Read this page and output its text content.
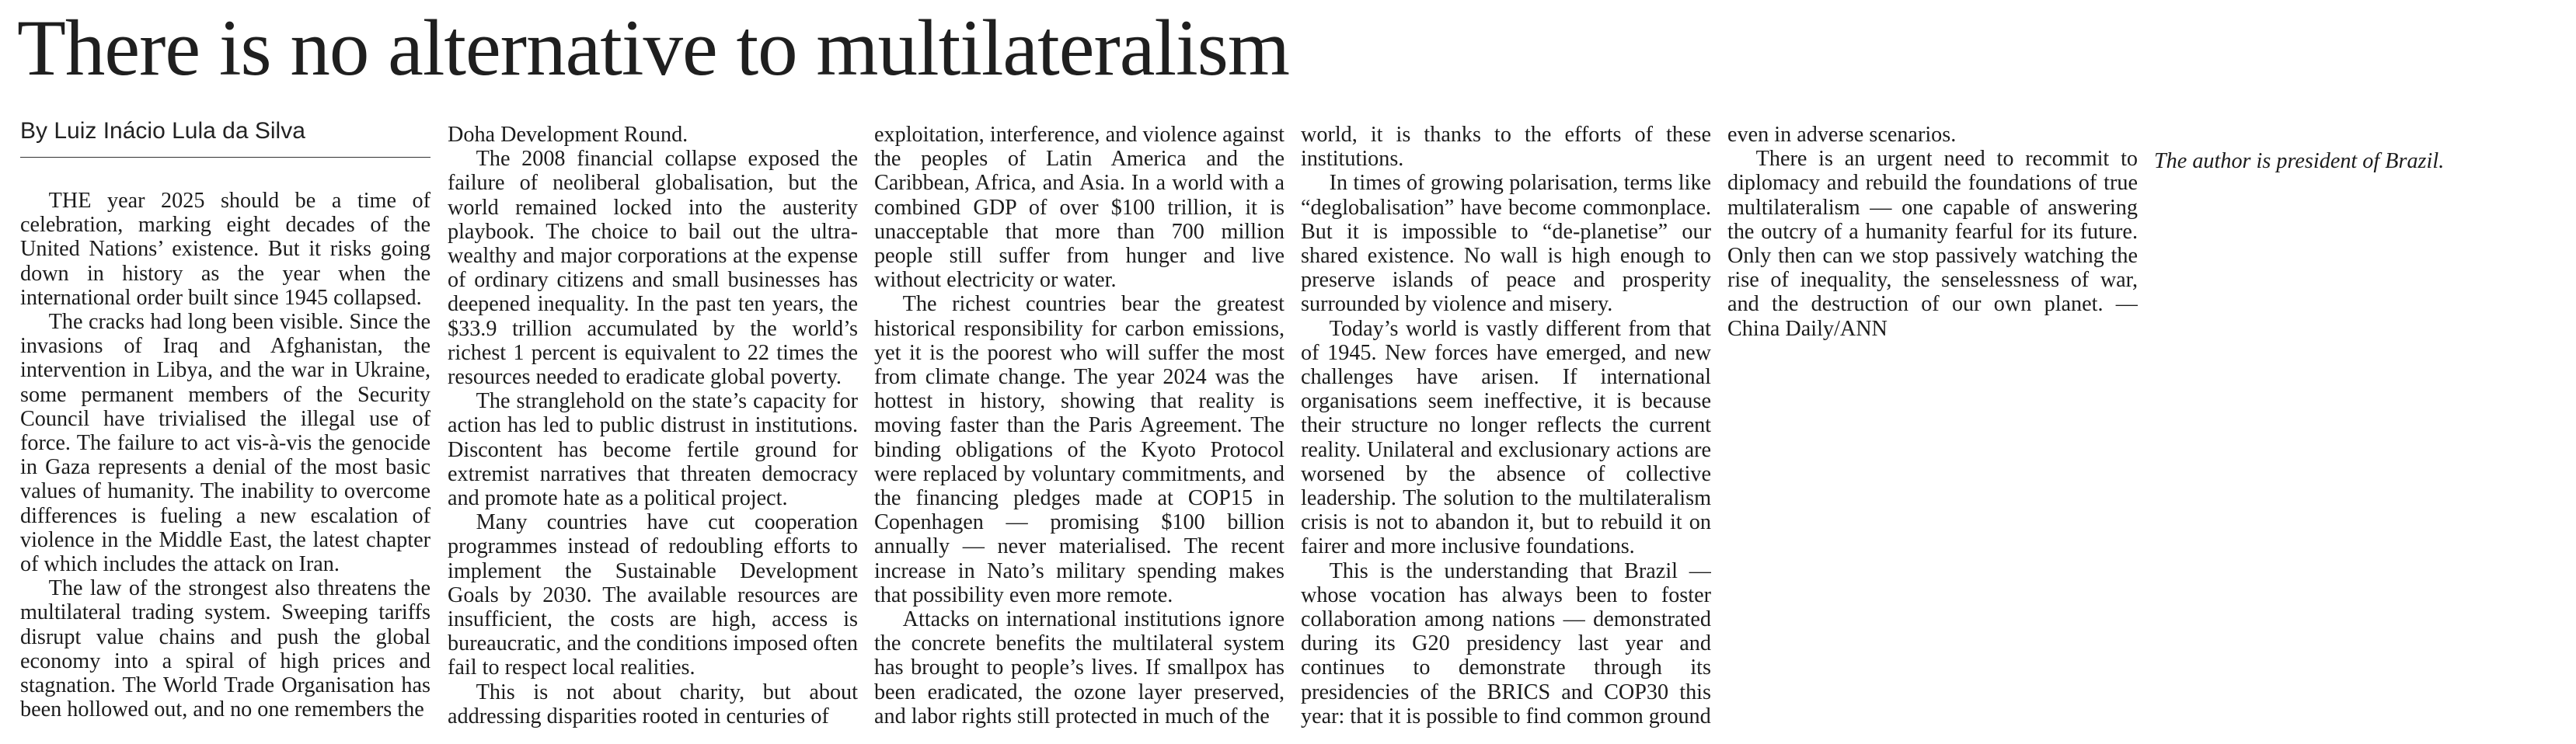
There is no alternative to multilateralism
By Luiz Inácio Lula da Silva

THE year 2025 should be a time of celebration, marking eight decades of the United Nations’ existence. But it risks going down in history as the year when the international order built since 1945 collapsed.

The cracks had long been visible. Since the invasions of Iraq and Afghanistan, the intervention in Libya, and the war in Ukraine, some permanent members of the Security Council have trivialised the illegal use of force. The failure to act vis-à-vis the genocide in Gaza represents a denial of the most basic values of humanity. The inability to overcome differences is fueling a new escalation of violence in the Middle East, the latest chapter of which includes the attack on Iran.

The law of the strongest also threatens the multilateral trading system. Sweeping tariffs disrupt value chains and push the global economy into a spiral of high prices and stagnation. The World Trade Organisation has been hollowed out, and no one remembers the

Doha Development Round.

The 2008 financial collapse exposed the failure of neoliberal globalisation, but the world remained locked into the austerity playbook. The choice to bail out the ultra-wealthy and major corporations at the expense of ordinary citizens and small businesses has deepened inequality. In the past ten years, the $33.9 trillion accumulated by the world’s richest 1 percent is equivalent to 22 times the resources needed to eradicate global poverty.

The stranglehold on the state’s capacity for action has led to public distrust in institutions. Discontent has become fertile ground for extremist narratives that threaten democracy and promote hate as a political project.

Many countries have cut cooperation programmes instead of redoubling efforts to implement the Sustainable Development Goals by 2030. The available resources are insufficient, the costs are high, access is bureaucratic, and the conditions imposed often fail to respect local realities.

This is not about charity, but about addressing disparities rooted in centuries of

exploitation, interference, and violence against the peoples of Latin America and the Caribbean, Africa, and Asia. In a world with a combined GDP of over $100 trillion, it is unacceptable that more than 700 million people still suffer from hunger and live without electricity or water.

The richest countries bear the greatest historical responsibility for carbon emissions, yet it is the poorest who will suffer the most from climate change. The year 2024 was the hottest in history, showing that reality is moving faster than the Paris Agreement. The binding obligations of the Kyoto Protocol were replaced by voluntary commitments, and the financing pledges made at COP15 in Copenhagen — promising $100 billion annually — never materialised. The recent increase in Nato’s military spending makes that possibility even more remote.

Attacks on international institutions ignore the concrete benefits the multilateral system has brought to people’s lives. If smallpox has been eradicated, the ozone layer preserved, and labor rights still protected in much of the

world, it is thanks to the efforts of these institutions.

In times of growing polarisation, terms like “deglobalisation” have become commonplace. But it is impossible to “de-planetise” our shared existence. No wall is high enough to preserve islands of peace and prosperity surrounded by violence and misery.

Today’s world is vastly different from that of 1945. New forces have emerged, and new challenges have arisen. If international organisations seem ineffective, it is because their structure no longer reflects the current reality. Unilateral and exclusionary actions are worsened by the absence of collective leadership. The solution to the multilateralism crisis is not to abandon it, but to rebuild it on fairer and more inclusive foundations.

This is the understanding that Brazil — whose vocation has always been to foster collaboration among nations — demonstrated during its G20 presidency last year and continues to demonstrate through its presidencies of the BRICS and COP30 this year: that it is possible to find common ground

even in adverse scenarios.

There is an urgent need to recommit to diplomacy and rebuild the foundations of true multilateralism — one capable of answering the outcry of a humanity fearful for its future. Only then can we stop passively watching the rise of inequality, the senselessness of war, and the destruction of our own planet. —China Daily/ANN

The author is president of Brazil.
